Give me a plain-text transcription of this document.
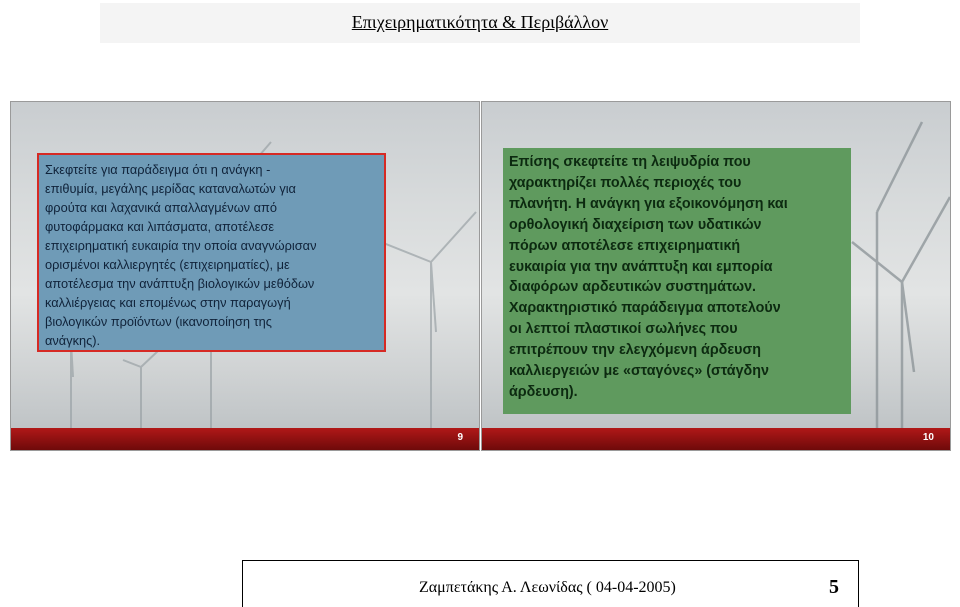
Επιχειρηματικότητα & Περιβάλλον
Σκεφτείτε για παράδειγμα ότι η ανάγκη -
επιθυμία, μεγάλης μερίδας καταναλωτών για
φρούτα και λαχανικά απαλλαγμένων από
φυτοφάρμακα και λιπάσματα, αποτέλεσε
επιχειρηματική ευκαιρία την οποία αναγνώρισαν
ορισμένοι καλλιεργητές (επιχειρηματίες), με
αποτέλεσμα την ανάπτυξη βιολογικών μεθόδων
καλλιέργειας και επομένως στην παραγωγή
βιολογικών προϊόντων (ικανοποίηση της
ανάγκης).
9
Επίσης σκεφτείτε τη λειψυδρία που
χαρακτηρίζει πολλές περιοχές του
πλανήτη. Η ανάγκη για εξοικονόμηση και
ορθολογική διαχείριση των υδατικών
πόρων αποτέλεσε επιχειρηματική
ευκαιρία για την ανάπτυξη και εμπορία
διαφόρων αρδευτικών συστημάτων.
Χαρακτηριστικό παράδειγμα αποτελούν
οι λεπτοί πλαστικοί σωλήνες που
επιτρέπουν την ελεγχόμενη άρδευση
καλλιεργειών με «σταγόνες» (στάγδην
άρδευση).
10
Ζαμπετάκης Α. Λεωνίδας ( 04-04-2005)	5
